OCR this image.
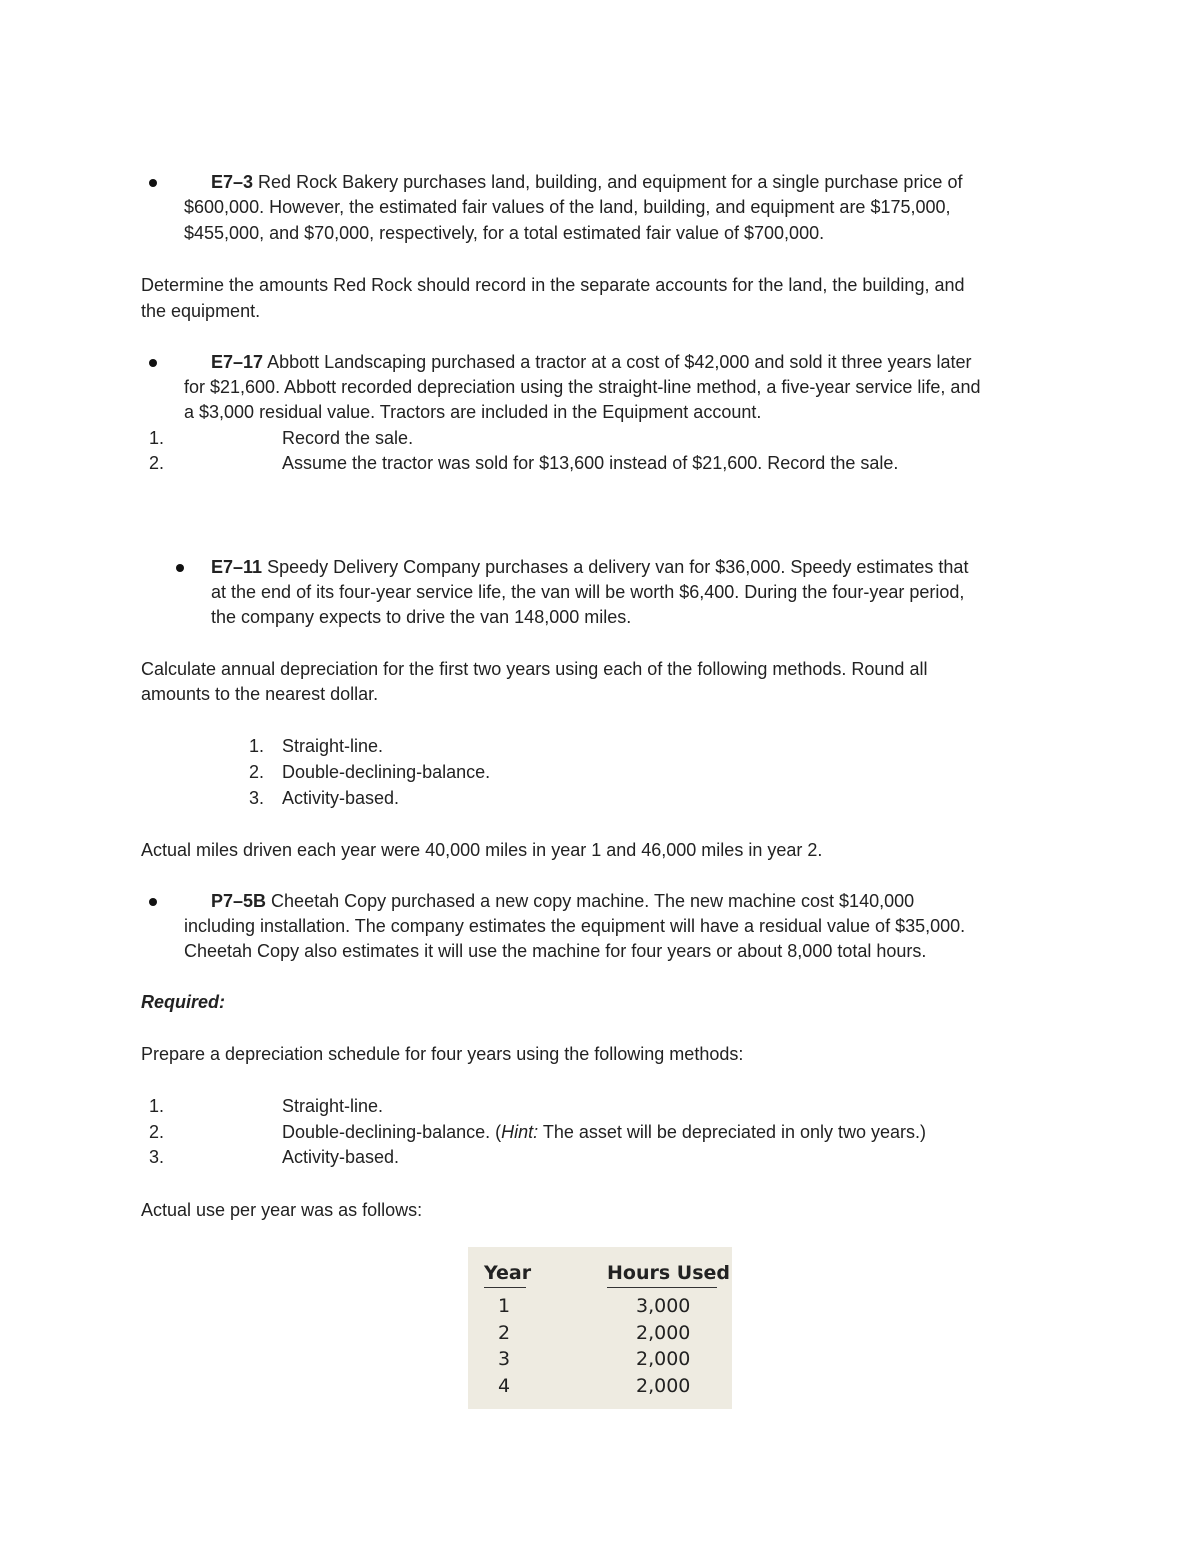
E7–3 Red Rock Bakery purchases land, building, and equipment for a single purchase price of
$600,000. However, the estimated fair values of the land, building, and equipment are $175,000,
$455,000, and $70,000, respectively, for a total estimated fair value of $700,000.
Determine the amounts Red Rock should record in the separate accounts for the land, the building, and
the equipment.
E7–17 Abbott Landscaping purchased a tractor at a cost of $42,000 and sold it three years later
for $21,600. Abbott recorded depreciation using the straight-line method, a five-year service life, and
a $3,000 residual value. Tractors are included in the Equipment account.
1.	Record the sale.
2.	Assume the tractor was sold for $13,600 instead of $21,600. Record the sale.
E7–11 Speedy Delivery Company purchases a delivery van for $36,000. Speedy estimates that
at the end of its four-year service life, the van will be worth $6,400. During the four-year period,
the company expects to drive the van 148,000 miles.
Calculate annual depreciation for the first two years using each of the following methods. Round all
amounts to the nearest dollar.
1. Straight-line.
2. Double-declining-balance.
3. Activity-based.
Actual miles driven each year were 40,000 miles in year 1 and 46,000 miles in year 2.
P7–5B Cheetah Copy purchased a new copy machine. The new machine cost $140,000
including installation. The company estimates the equipment will have a residual value of $35,000.
Cheetah Copy also estimates it will use the machine for four years or about 8,000 total hours.
Required:
Prepare a depreciation schedule for four years using the following methods:
1.	Straight-line.
2.	Double-declining-balance. (Hint: The asset will be depreciated in only two years.)
3.	Activity-based.
Actual use per year was as follows:
Year	Hours Used
1	3,000
2	2,000
3	2,000
4	2,000
